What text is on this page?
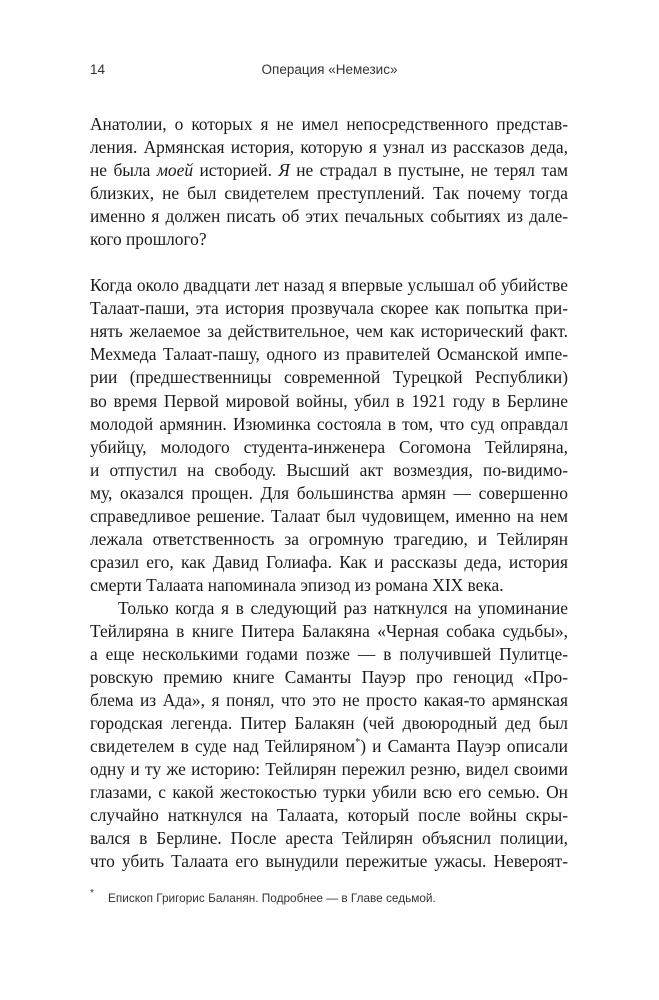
14	Операция «Немезис»
Анатолии, о которых я не имел непосредственного представ-
ления. Армянская история, которую я узнал из рассказов деда,
не была моей историей. Я не страдал в пустыне, не терял там
близких, не был свидетелем преступлений. Так почему тогда
именно я должен писать об этих печальных событиях из дале-
кого прошлого?
Когда около двадцати лет назад я впервые услышал об убийстве
Талаат-паши, эта история прозвучала скорее как попытка при-
нять желаемое за действительное, чем как исторический факт.
Мехмеда Талаат-пашу, одного из правителей Османской импе-
рии (предшественницы современной Турецкой Республики)
во время Первой мировой войны, убил в 1921 году в Берлине
молодой армянин. Изюминка состояла в том, что суд оправдал
убийцу, молодого студента-инженера Согомона Тейлиряна,
и отпустил на свободу. Высший акт возмездия, по-видимо-
му, оказался прощен. Для большинства армян — совершенно
справедливое решение. Талаат был чудовищем, именно на нем
лежала ответственность за огромную трагедию, и Тейлирян
сразил его, как Давид Голиафа. Как и рассказы деда, история
смерти Талаата напоминала эпизод из романа XIX века.
Только когда я в следующий раз наткнулся на упоминание
Тейлиряна в книге Питера Балакяна «Черная собака судьбы»,
а еще несколькими годами позже — в получившей Пулитце-
ровскую премию книге Саманты Пауэр про геноцид «Про-
блема из Ада», я понял, что это не просто какая-то армянская
городская легенда. Питер Балакян (чей двоюродный дед был
свидетелем в суде над Тейлиряном*) и Саманта Пауэр описали
одну и ту же историю: Тейлирян пережил резню, видел своими
глазами, с какой жестокостью турки убили всю его семью. Он
случайно наткнулся на Талаата, который после войны скры-
вался в Берлине. После ареста Тейлирян объяснил полиции,
что убить Талаата его вынудили пережитые ужасы. Невероят-
* Епископ Григорис Баланян. Подробнее — в Главе седьмой.
